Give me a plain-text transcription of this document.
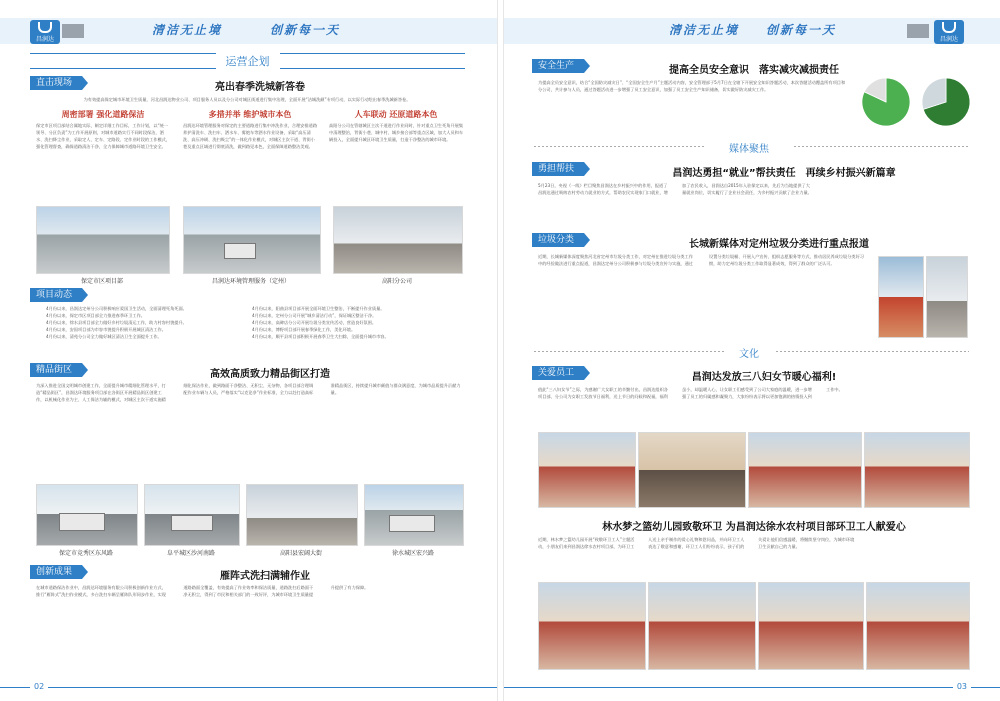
昌润达
清洁无止境	创新每一天
运营企划
直击现场	亮出春季洗城新答卷
为有效提高保定城市环境卫生质量，河北昌润达物业公司、项目服务人员以及分公司对城区街道进行集中治理，全面开展“洁城洗颜”专项行动，以实际行动绘出春季洗城新答卷。
周密部署 强化道路保洁	多措并举 维护城市本色	人车联动 还原道路本色
保定市区项目部结合属地实际，制定详细工作目标，工作计划，以“统一领导、分区负责”为工作开展原则，对城市道路实行不同时段保洁，洒水、洗扫降尘作业，采取定人、定车、定路段、定作业时段的工作模式，强化管理督查，确保道路清洁干净，全力保障城市道路环境卫生安全。
昌润达环境管理服务对保定的主要道路进行集中冲洗作业，合理安排道路养护清洗车、洗扫车、洒水车、雾炮车等洒水作业设备，采取“高压清洗、高压冲刷、洗扫吸尘”的一体化作业模式，对城区主次干道、背街小巷及重点区域进行彻底清洗，做到路见本色，全面保障道路整洁美观。
高阳分公司在管辖城区主次干道进行作业同时，针对重点卫生死角开展集中清理整治，背街小巷、城中村、城乡接合部等重点区域，加大人员和车辆投入，全面提升城区环境卫生质量，打造干净整洁的城市环境。
保定市区项目部	昌润达环境管理服务（定州）	高阳分公司
项目动态
4月份以来，昌润达定州分公司积极响应爱国卫生活动，全面清理死角死面。
4月份以来，保定市区项目部全力推进春季环卫工作。
4月份以来，徐水县项目部全力做好乡村垃圾清运工作，助力村容村貌提升。
4月份以来，安国项目部为市容市貌提升积极开展城区清洁工作。
4月份以来，清苑分公司全力做好城区清洁卫生全面提升工作。
4月份以来，阳曲县项目部开展全面环境卫生整治，不断提升作业质量。
4月份以来，定州分公司开展“城乡清洁行动”，保证城区整洁干净。
4月份以来，高碑店分公司开展垃圾分类宣传活动，营造良好氛围。
4月份以来，博野项目部开展春季绿化工作，美化环境。
4月份以来，顺平县项目部积极开展春季卫生大扫除，全面提升城市市容。
精品街区	高效高质致力精品街区打造
为深入推进全国文明城市创建工作，全面提升城市精细化管理水平，打造“精品街区”，昌润达环境服务项目部在各街区开展精品街区创建工作，以机械化作业为主、人工保洁为辅的模式，对城区主次干道实施精细化保洁作业，做到路面干净整洁、无积尘、无杂物，各项目部合理调配作业车辆与人员，严格落实“以克论净”作业标准，全力以赴打造高标准精品街区，持续提升城市颜值与群众满意度，为城市品质提升贡献力量。
保定市竞秀区东风路	阜平城区沙河南路	高阳县宏阔大街	徐水城区宏兴路
创新成果	雁阵式洗扫满辅作业
在城市道路保洁作业中，昌润达环境服务有限公司积极创新作业方式，推行“雁阵式”洗扫作业模式，多台洗扫车辆呈雁阵队形同步作业，实现道路路面全覆盖，有效提高了作业效率和保洁质量，道路洗扫后路面干净无积尘，得到了市民和相关部门的一致好评，为城市环境卫生质量提升提供了有力保障。
02
清洁无止境 创新每一天
昌润达
安全生产	提高全员安全意识　落实减灾减损责任
为提高全员安全意识，结合“全国防灾减灾日”、“全国安全生产月”主题活动内容，安全管理部于5月7日在全辖下开展安全知识答题活动，本次答题活动覆盖所有项目和分公司，共计参与人员，通过答题活动进一步增强了员工安全意识，加强了员工安全生产知识储备，切实做好防灾减灾工作。
媒体聚焦
勇担帮扶	昌润达勇担“就业”帮扶责任　再续乡村振兴新篇章
5月23日，央视《一线》栏目聚焦昌润达在乡村振兴中的作用，报道了昌润达通过吸纳农村劳动力就业的方式，帮助农民实现家门口就业，增加了农民收入，昌润达自2015年入驻保定以来，先后为当地提供了大量就业岗位，切实履行了企业社会责任，为乡村振兴贡献了企业力量。
垃圾分类	长城新媒体对定州垃圾分类进行重点报道
近期，长城新媒体深度聚焦河北省定州市垃圾分类工作，对定州在推进垃圾分类工作中的经验做法进行重点报道，昌润达定州分公司积极参与垃圾分类宣传与实施，通过设置分类垃圾桶、开展入户宣传、组织志愿服务等方式，推动居民养成垃圾分类好习惯，助力定州垃圾分类工作取得显著成效，得到了群众的广泛认可。
文化
关爱员工	昌润达发放三八妇女节暖心福利!
值此“三八妇女节”之际，为感谢广大女职工的辛勤付出，昌润达组织各项目部、分公司为女职工发放节日福利，送上节日的问候和祝福，福利虽小，却温暖人心，让女职工们感受到了公司大家庭的温暖，进一步增强了员工的归属感和凝聚力，大家纷纷表示将以更加饱满的热情投入到工作中。
林水梦之篮幼儿园致敬环卫 为昌润达徐水农村项目部环卫工人献爱心
近期，林水梦之篮幼儿园开展“致敬环卫工人”主题活动，小朋友们来到昌润达徐水农村项目部，为环卫工人送上亲手制作的爱心礼物和慰问品，并向环卫工人表达了敬意和感谢，环卫工人们纷纷表示，孩子们的关爱让他们倍感温暖，将继续坚守岗位，为城市环境卫生贡献自己的力量。
03
